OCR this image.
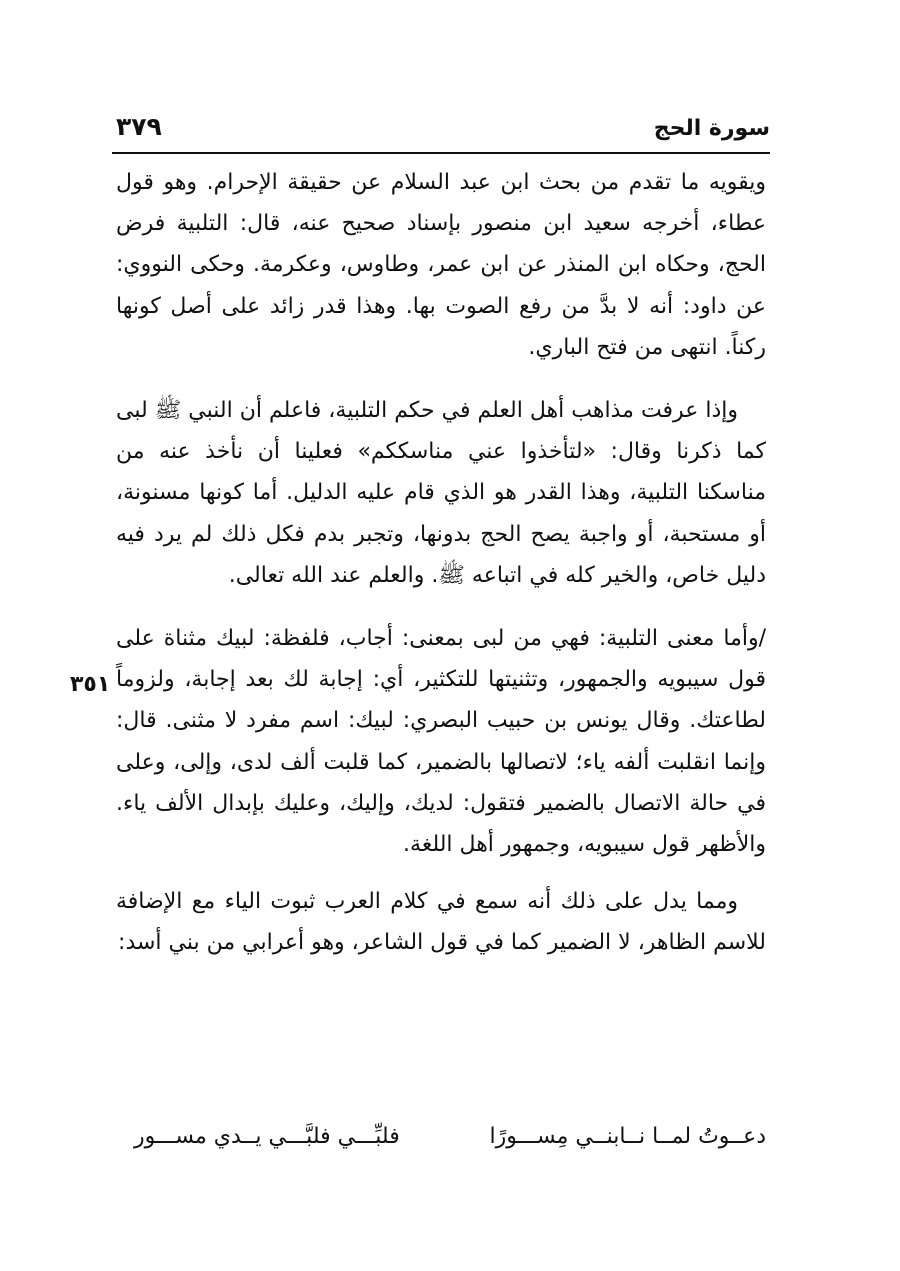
سورة الحج
٣٧٩

ويقويه ما تقدم من بحث ابن عبد السلام عن حقيقة الإحرام. وهو قول عطاء، أخرجه سعيد ابن منصور بإسناد صحيح عنه، قال: التلبية فرض الحج، وحكاه ابن المنذر عن ابن عمر، وطاوس، وعكرمة. وحكى النووي: عن داود: أنه لا بدَّ من رفع الصوت بها. وهذا قدر زائد على أصل كونها ركناً. انتهى من فتح الباري.

وإذا عرفت مذاهب أهل العلم في حكم التلبية، فاعلم أن النبي ﷺ لبى كما ذكرنا وقال: «لتأخذوا عني مناسككم» فعلينا أن نأخذ عنه من مناسكنا التلبية، وهذا القدر هو الذي قام عليه الدليل. أما كونها مسنونة، أو مستحبة، أو واجبة يصح الحج بدونها، وتجبر بدم فكل ذلك لم يرد فيه دليل خاص، والخير كله في اتباعه ﷺ. والعلم عند الله تعالى.

/وأما معنى التلبية: فهي من لبى بمعنى: أجاب، فلفظة: لبيك مثناة على قول سيبويه والجمهور، وتثنيتها للتكثير، أي: إجابة لك بعد إجابة، ولزوماً لطاعتك. وقال يونس بن حبيب البصري: لبيك: اسم مفرد لا مثنى. قال: وإنما انقلبت ألفه ياء؛ لاتصالها بالضمير، كما قلبت ألف لدى، وإلى، وعلى في حالة الاتصال بالضمير فتقول: لديك، وإليك، وعليك بإبدال الألف ياء. والأظهر قول سيبويه، وجمهور أهل اللغة.

ومما يدل على ذلك أنه سمع في كلام العرب ثبوت الياء مع الإضافة للاسم الظاهر، لا الضمير كما في قول الشاعر، وهو أعرابي من بني أسد:

٣٥١
دعــوتُ لمــا نــابنــي مِســـورًا
فلبِّـــي فلبَّـــي يــدي مســـور
